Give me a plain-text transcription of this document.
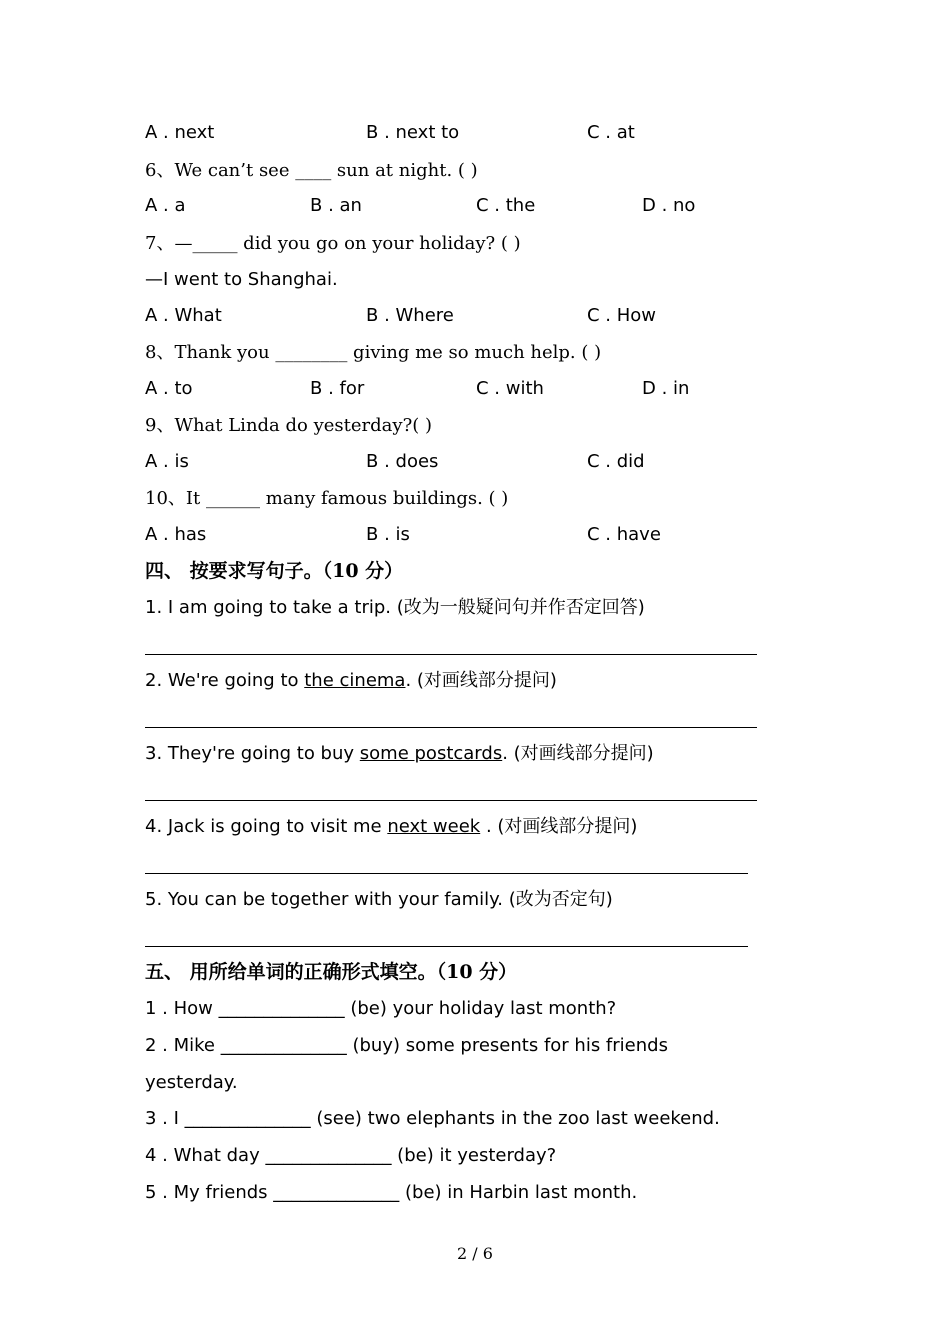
A . next	B . next to	C . at
6、We can’t see ____ sun at night. ( )
A . a	B . an	C . the	D . no
7、—_____ did you go on your holiday? ( )
—I went to Shanghai.
A . What	B . Where	C . How
8、Thank you ________ giving me so much help. ( )
A . to	B . for	C . with	D . in
9、What Linda do yesterday?( )
A . is	B . does	C . did
10、It ______ many famous buildings. ( )
A . has	B . is	C . have
四、 按要求写句子。（10 分）
1. I am going to take a trip. (改为一般疑问句并作否定回答)
2. We're going to the cinema. (对画线部分提问)
3. They're going to buy some postcards. (对画线部分提问)
4. Jack is going to visit me next week . (对画线部分提问)
5. You can be together with your family. (改为否定句)
五、 用所给单词的正确形式填空。（10 分）
1 . How ______________ (be) your holiday last month?
2 . Mike ______________ (buy) some presents for his friends
yesterday.
3 . I ______________ (see) two elephants in the zoo last weekend.
4 . What day ______________ (be) it yesterday?
5 . My friends ______________ (be) in Harbin last month.
2 / 6
